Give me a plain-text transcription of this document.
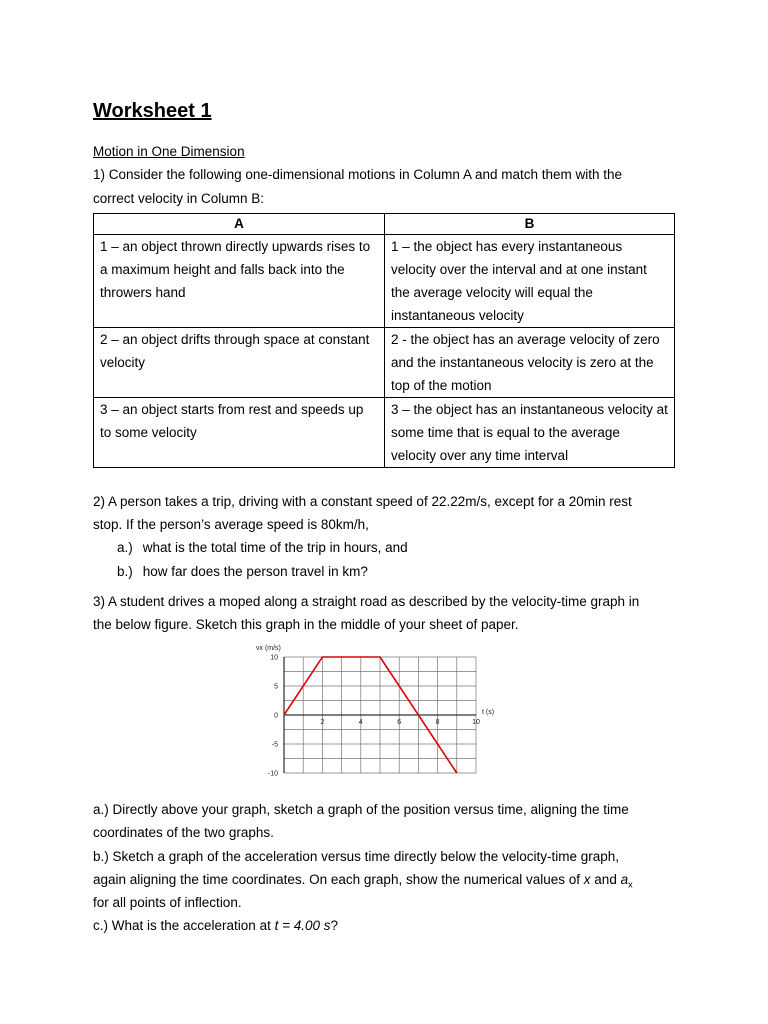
Worksheet 1

Motion in One Dimension

1) Consider the following one-dimensional motions in Column A and match them with the

correct velocity in Column B:

A	B
1 – an object thrown directly upwards rises to a maximum height and falls back into the throwers hand	1 – the object has every instantaneous velocity over the interval and at one instant the average velocity will equal the instantaneous velocity
2 – an object drifts through space at constant velocity	2 - the object has an average velocity of zero and the instantaneous velocity is zero at the top of the motion
3 – an object starts from rest and speeds up to some velocity	3 – the object has an instantaneous velocity at some time that is equal to the average velocity over any time interval

2) A person takes a trip, driving with a constant speed of 22.22m/s, except for a 20min rest

stop. If the person’s average speed is 80km/h,

a.) what is the total time of the trip in hours, and
b.) how far does the person travel in km?

3) A student drives a moped along a straight road as described by the velocity-time graph in

the below figure. Sketch this graph in the middle of your sheet of paper.

2	4	6	8	10
10
5
0
-5
-10
vx (m/s)
t (s)

a.) Directly above your graph, sketch a graph of the position versus time, aligning the time

coordinates of the two graphs.

b.) Sketch a graph of the acceleration versus time directly below the velocity-time graph,

again aligning the time coordinates. On each graph, show the numerical values of x and $a_x$

for all points of inflection.

c.) What is the acceleration at t = 4.00 s?
